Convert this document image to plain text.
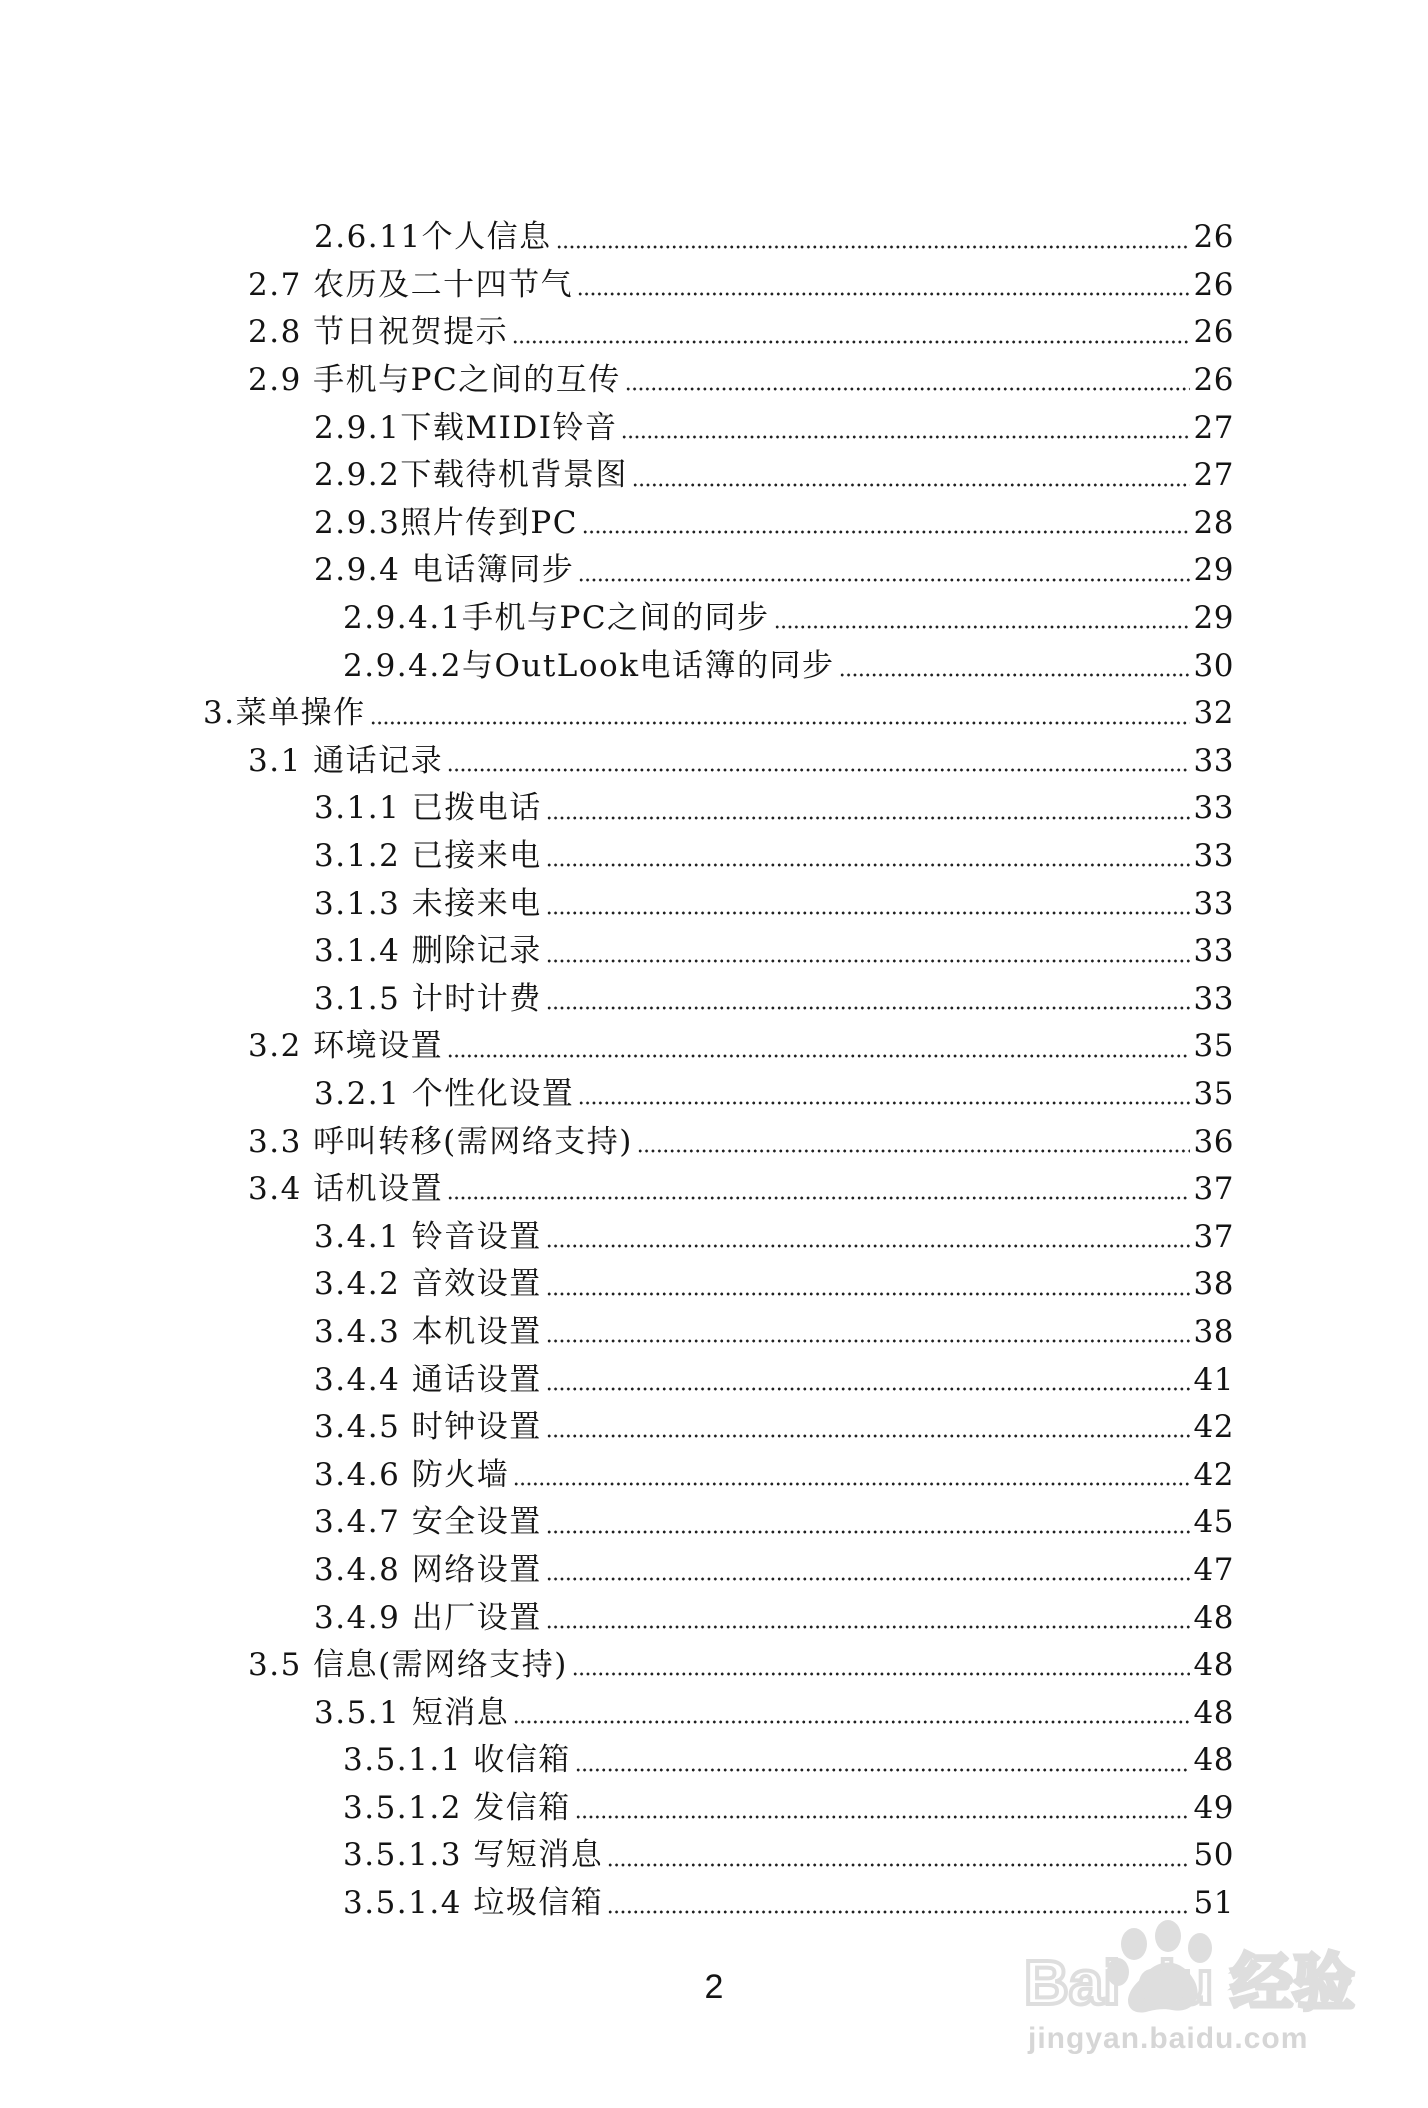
2.6.11个人信息	26
2.7 农历及二十四节气	26
2.8 节日祝贺提示	26
2.9 手机与PC之间的互传	26
2.9.1下载MIDI铃音	27
2.9.2下载待机背景图	27
2.9.3照片传到PC	28
2.9.4 电话簿同步	29
2.9.4.1手机与PC之间的同步	29
2.9.4.2与OutLook电话簿的同步	30
3.菜单操作	32
3.1 通话记录	33
3.1.1 已拨电话	33
3.1.2 已接来电	33
3.1.3 未接来电	33
3.1.4 删除记录	33
3.1.5 计时计费	33
3.2 环境设置	35
3.2.1 个性化设置	35
3.3 呼叫转移(需网络支持)	36
3.4 话机设置	37
3.4.1 铃音设置	37
3.4.2 音效设置	38
3.4.3 本机设置	38
3.4.4 通话设置	41
3.4.5 时钟设置	42
3.4.6 防火墙	42
3.4.7 安全设置	45
3.4.8 网络设置	47
3.4.9 出厂设置	48
3.5 信息(需网络支持)	48
3.5.1 短消息	48
3.5.1.1 收信箱	48
3.5.1.2 发信箱	49
3.5.1.3 写短消息	50
3.5.1.4 垃圾信箱	51
2	Bai du 经验
jingyan.baidu.com
